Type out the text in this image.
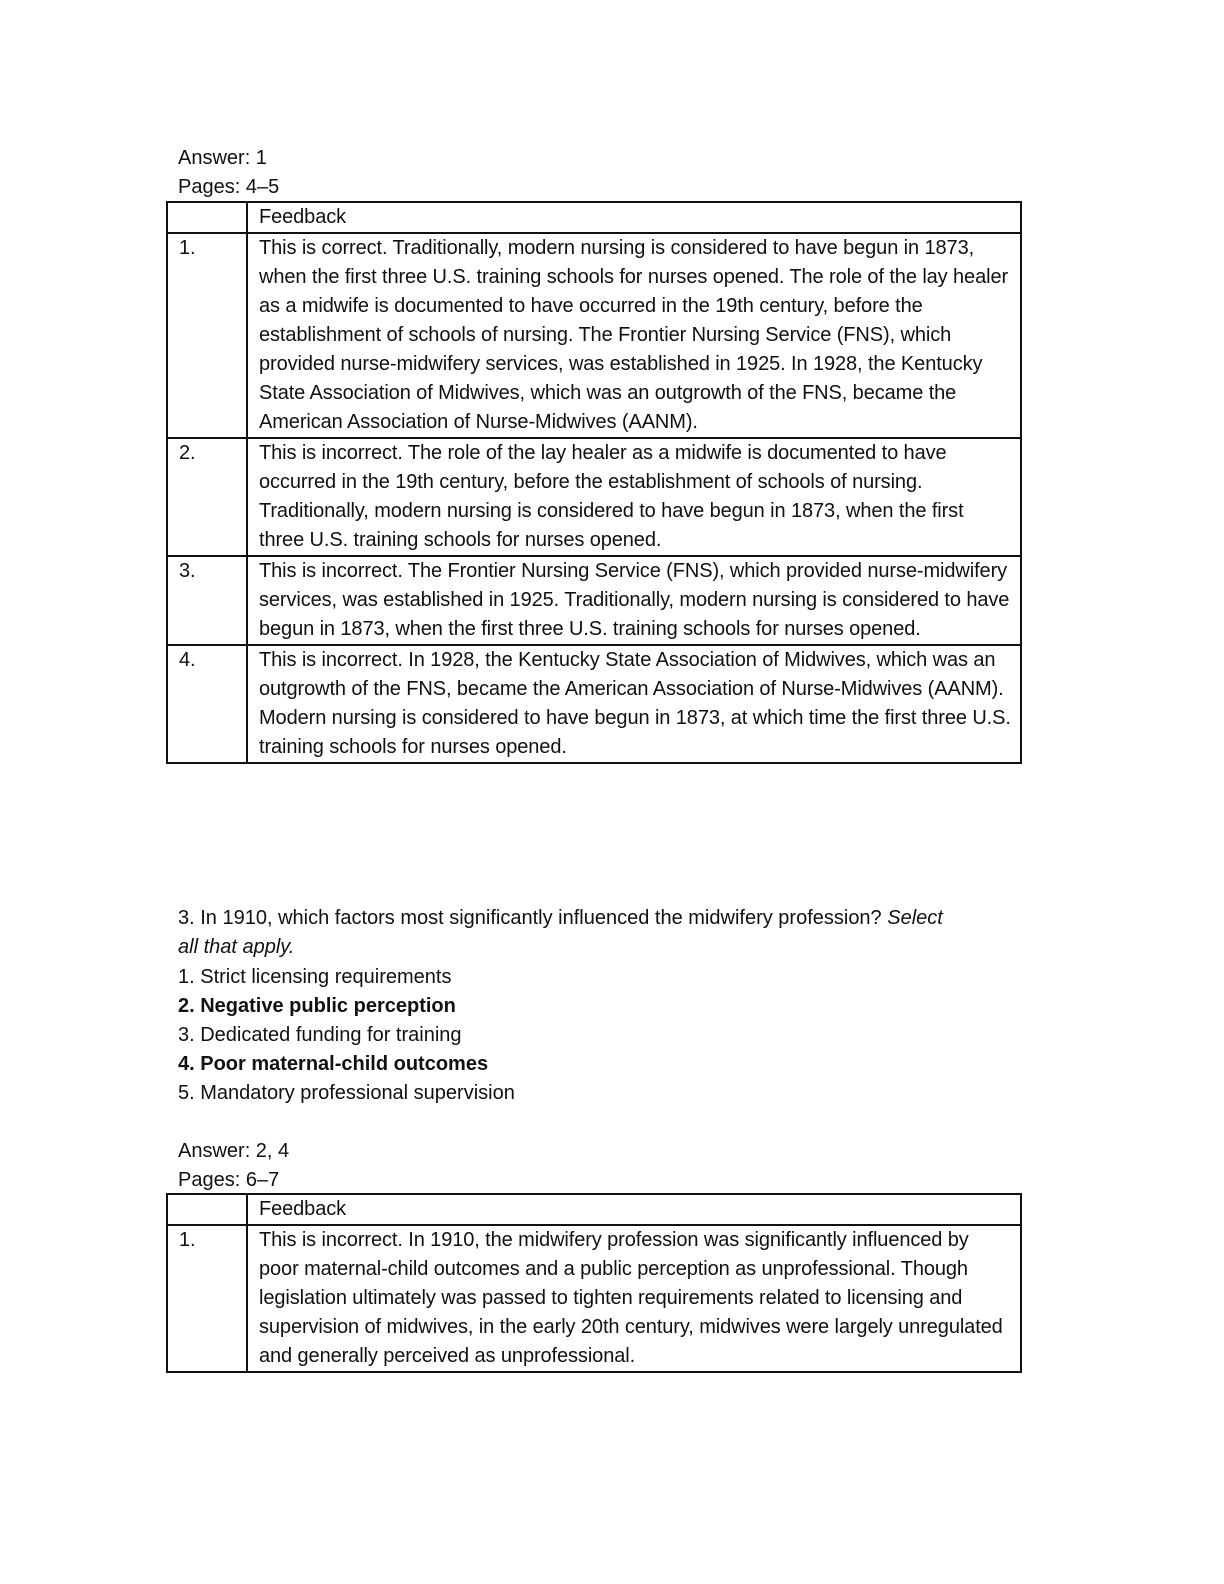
Answer: 1
Pages: 4–5
	Feedback
1.	This is correct. Traditionally, modern nursing is considered to have begun in 1873, when the first three U.S. training schools for nurses opened. The role of the lay healer as a midwife is documented to have occurred in the 19th century, before the establishment of schools of nursing. The Frontier Nursing Service (FNS), which provided nurse-midwifery services, was established in 1925. In 1928, the Kentucky State Association of Midwives, which was an outgrowth of the FNS, became the American Association of Nurse-Midwives (AANM).
2.	This is incorrect. The role of the lay healer as a midwife is documented to have occurred in the 19th century, before the establishment of schools of nursing. Traditionally, modern nursing is considered to have begun in 1873, when the first three U.S. training schools for nurses opened.
3.	This is incorrect. The Frontier Nursing Service (FNS), which provided nurse-midwifery services, was established in 1925. Traditionally, modern nursing is considered to have begun in 1873, when the first three U.S. training schools for nurses opened.
4.	This is incorrect. In 1928, the Kentucky State Association of Midwives, which was an outgrowth of the FNS, became the American Association of Nurse-Midwives (AANM). Modern nursing is considered to have begun in 1873, at which time the first three U.S. training schools for nurses opened.
3. In 1910, which factors most significantly influenced the midwifery profession? Select
all that apply.
1. Strict licensing requirements
2. Negative public perception
3. Dedicated funding for training
4. Poor maternal-child outcomes
5. Mandatory professional supervision
Answer: 2, 4
Pages: 6–7
	Feedback
1.	This is incorrect. In 1910, the midwifery profession was significantly influenced by poor maternal-child outcomes and a public perception as unprofessional. Though legislation ultimately was passed to tighten requirements related to licensing and supervision of midwives, in the early 20th century, midwives were largely unregulated and generally perceived as unprofessional.
